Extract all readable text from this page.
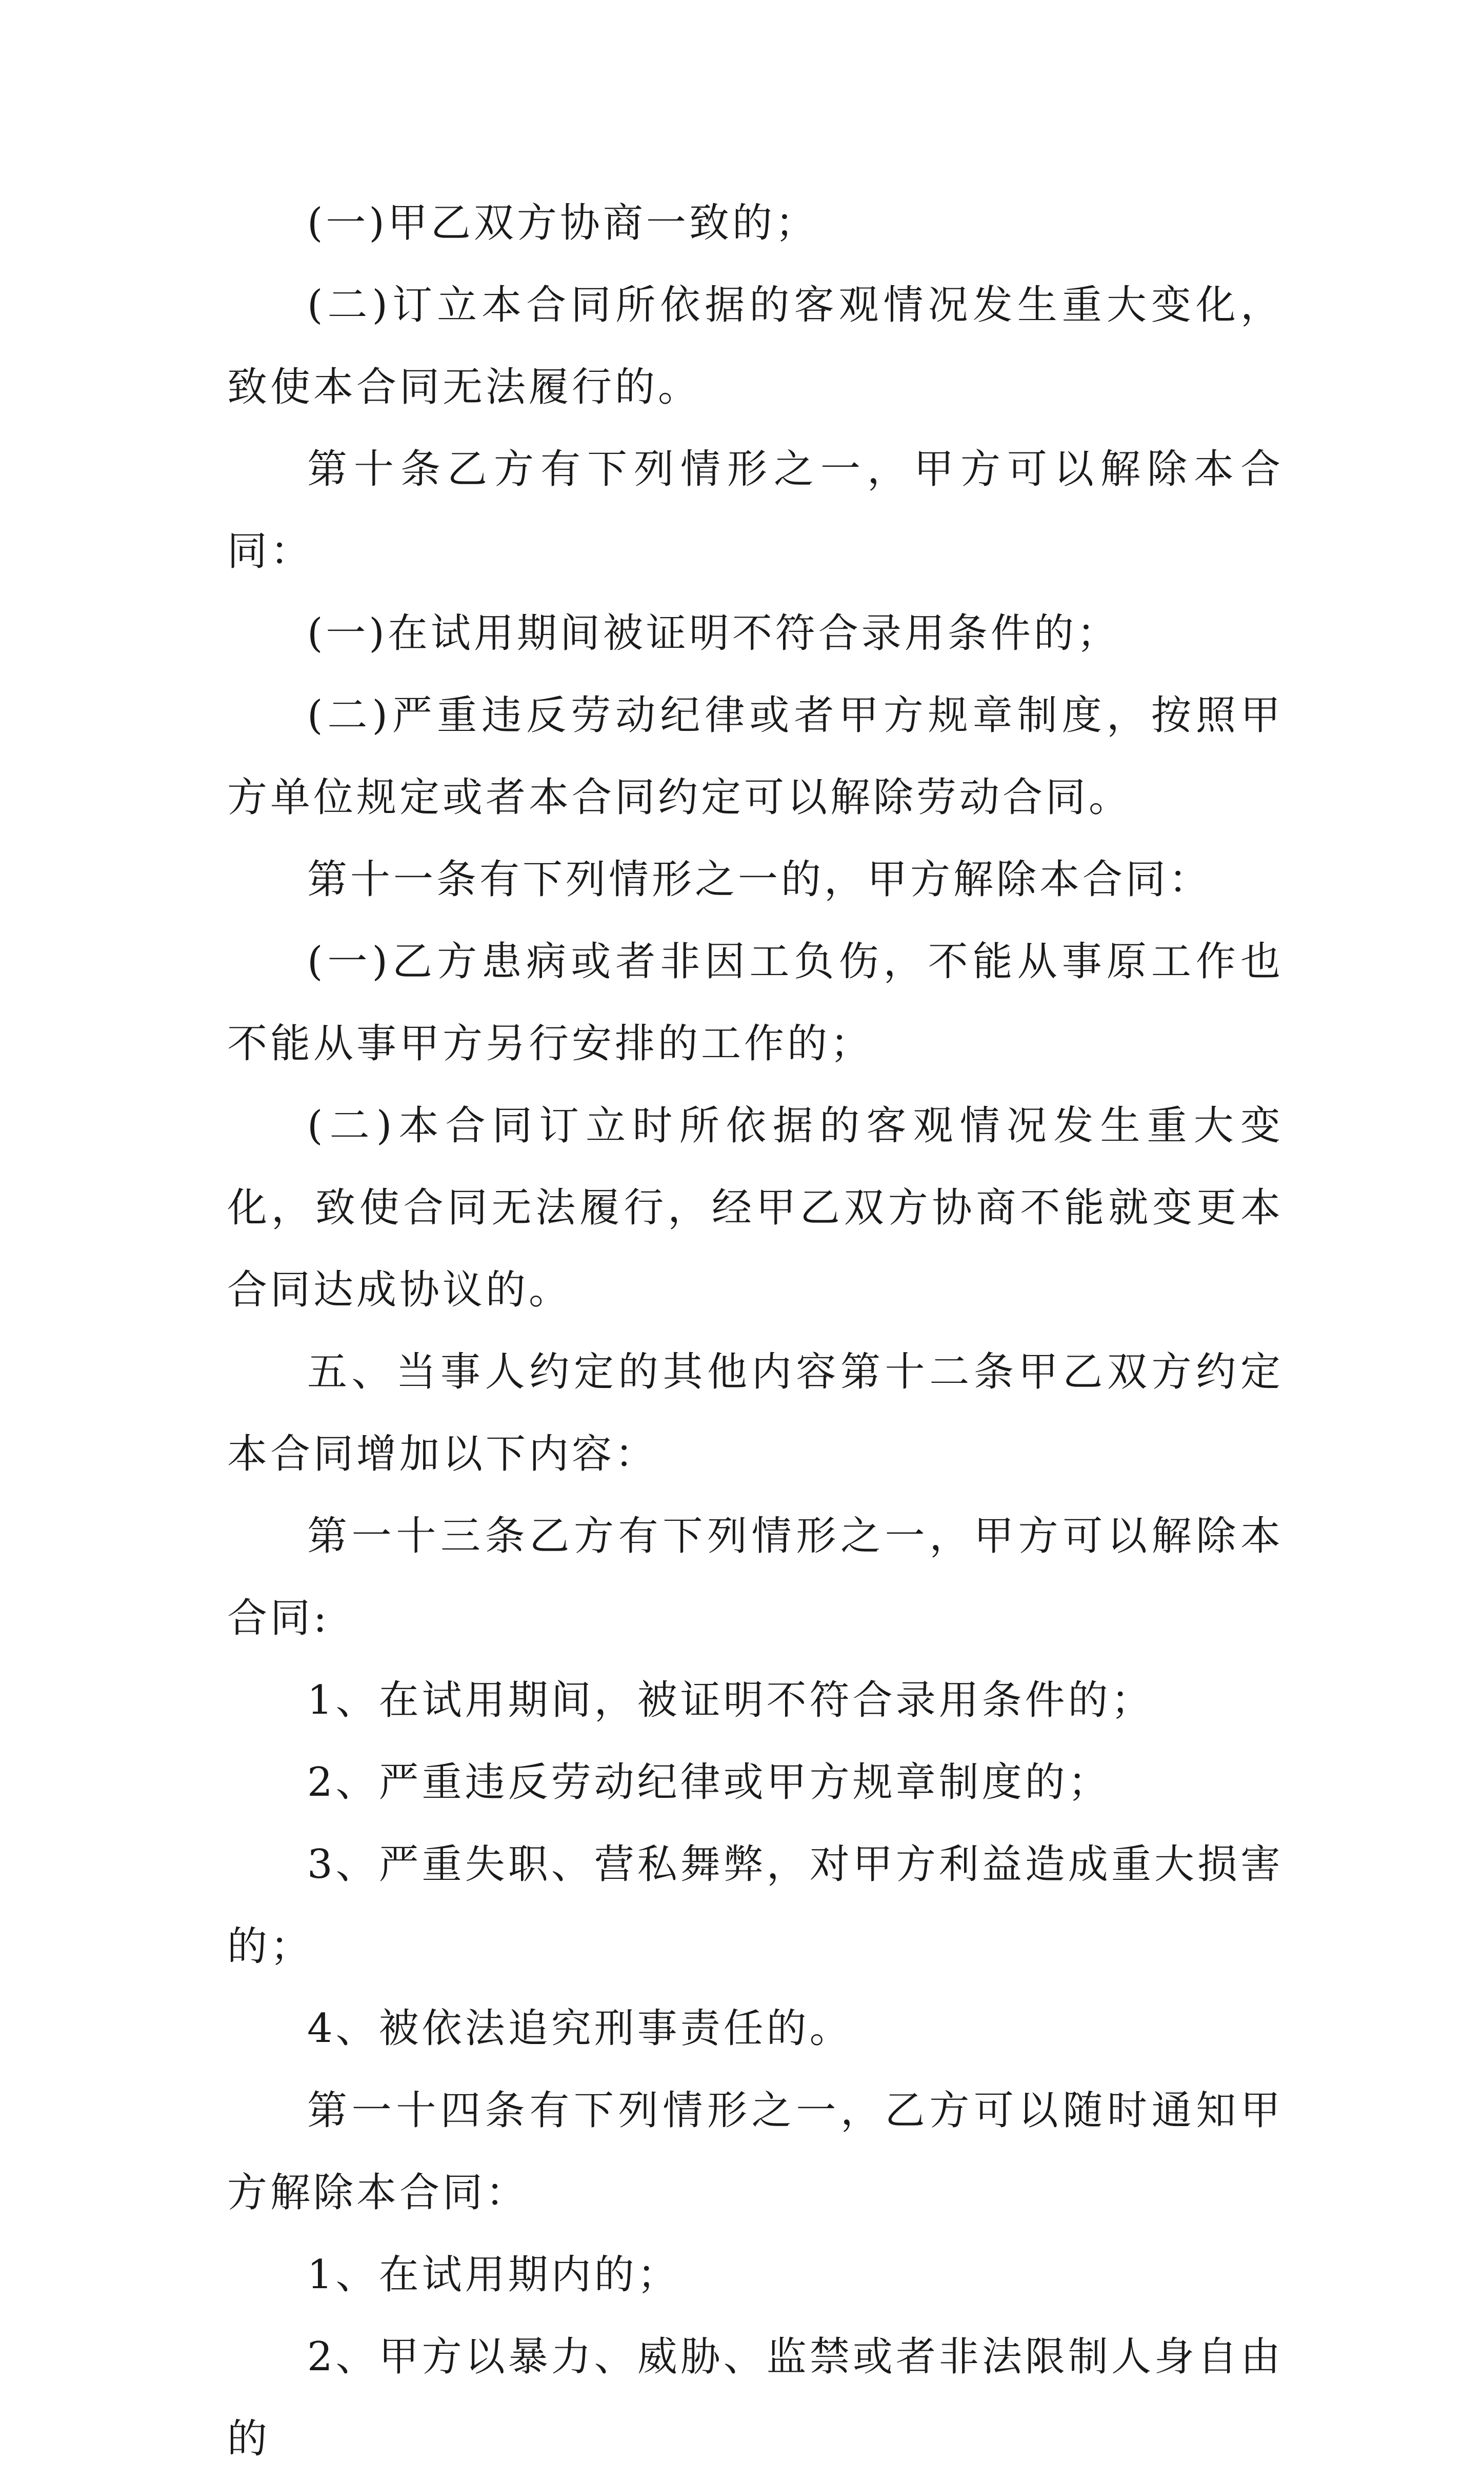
(一)甲乙双方协商一致的；

(二)订立本合同所依据的客观情况发生重大变化，致使本合同无法履行的。

第十条乙方有下列情形之一，甲方可以解除本合同：

(一)在试用期间被证明不符合录用条件的；

(二)严重违反劳动纪律或者甲方规章制度，按照甲方单位规定或者本合同约定可以解除劳动合同。

第十一条有下列情形之一的，甲方解除本合同：

(一)乙方患病或者非因工负伤，不能从事原工作也不能从事甲方另行安排的工作的；

(二)本合同订立时所依据的客观情况发生重大变化，致使合同无法履行，经甲乙双方协商不能就变更本合同达成协议的。

五、当事人约定的其他内容第十二条甲乙双方约定本合同增加以下内容：

第一十三条乙方有下列情形之一，甲方可以解除本合同:

1、在试用期间，被证明不符合录用条件的；

2、严重违反劳动纪律或甲方规章制度的；

3、严重失职、营私舞弊，对甲方利益造成重大损害的；

4、被依法追究刑事责任的。

第一十四条有下列情形之一，乙方可以随时通知甲方解除本合同：

1、在试用期内的；

2、甲方以暴力、威胁、监禁或者非法限制人身自由的
